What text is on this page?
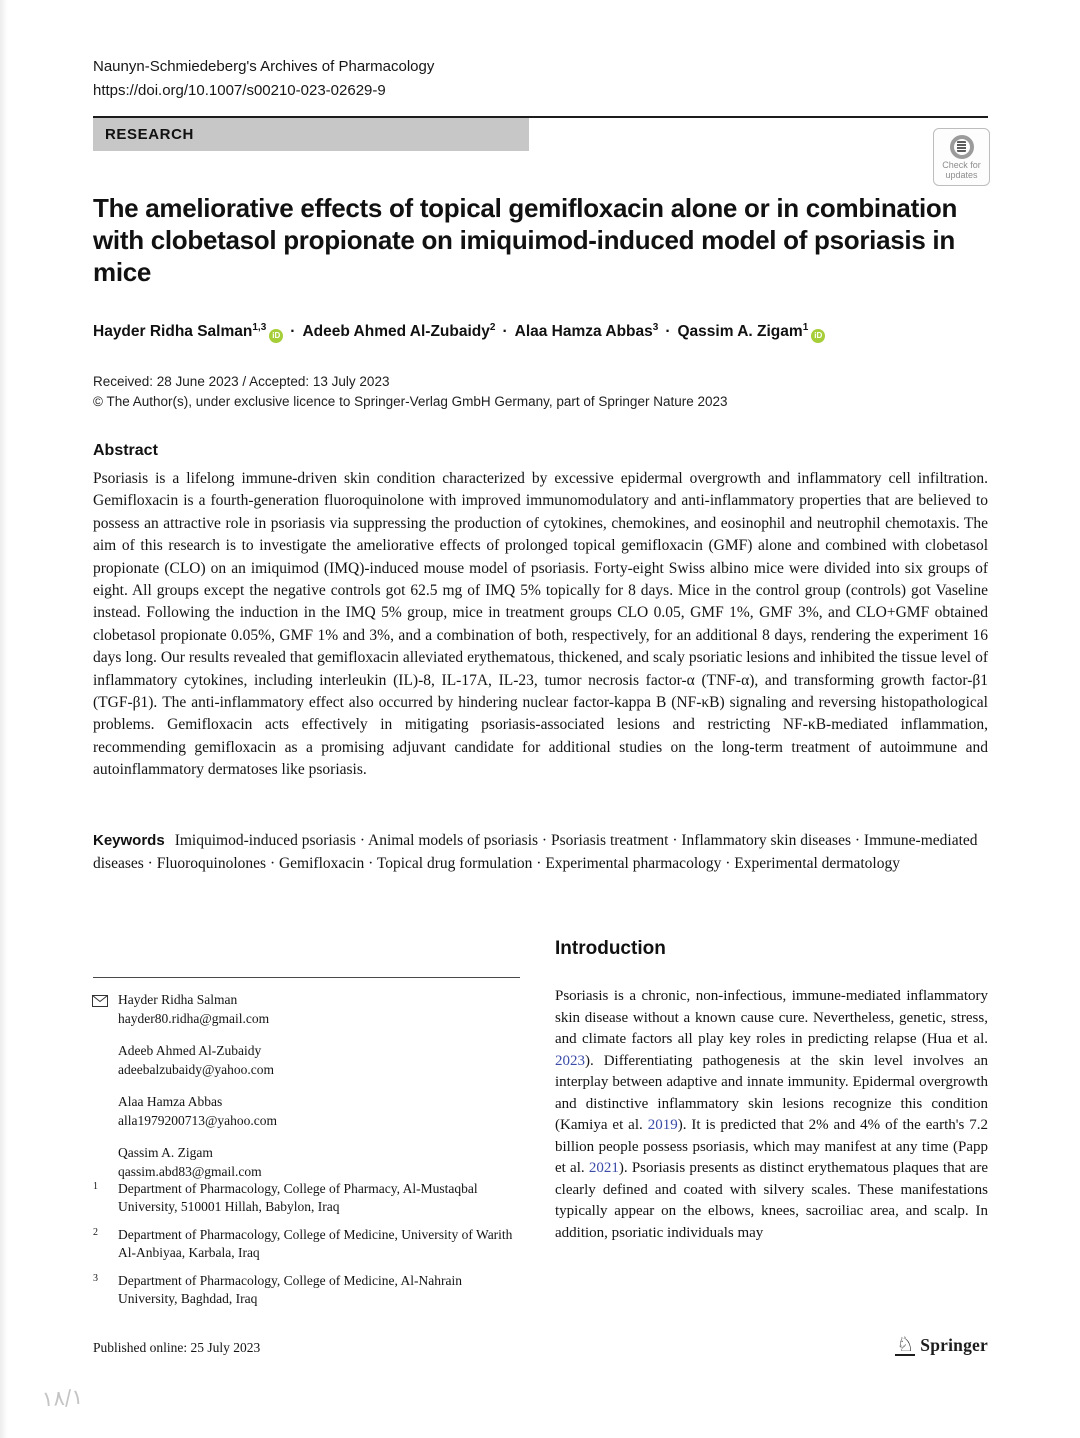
Naunyn-Schmiedeberg's Archives of Pharmacology
https://doi.org/10.1007/s00210-023-02629-9
RESEARCH
Check for
updates
The ameliorative effects of topical gemifloxacin alone or in combination with clobetasol propionate on imiquimod-induced model of psoriasis in mice
Hayder Ridha Salman$^{1,3}$iD · Adeeb Ahmed Al-Zubaidy$^2$ · Alaa Hamza Abbas$^3$ · Qassim A. Zigam$^1$iD
Received: 28 June 2023 / Accepted: 13 July 2023
© The Author(s), under exclusive licence to Springer-Verlag GmbH Germany, part of Springer Nature 2023
Abstract
Psoriasis is a lifelong immune-driven skin condition characterized by excessive epidermal overgrowth and inflammatory cell infiltration. Gemifloxacin is a fourth-generation fluoroquinolone with improved immunomodulatory and anti-inflammatory properties that are believed to possess an attractive role in psoriasis via suppressing the production of cytokines, chemokines, and eosinophil and neutrophil chemotaxis. The aim of this research is to investigate the ameliorative effects of prolonged topical gemifloxacin (GMF) alone and combined with clobetasol propionate (CLO) on an imiquimod (IMQ)-induced mouse model of psoriasis. Forty-eight Swiss albino mice were divided into six groups of eight. All groups except the negative controls got 62.5 mg of IMQ 5% topically for 8 days. Mice in the control group (controls) got Vaseline instead. Following the induction in the IMQ 5% group, mice in treatment groups CLO 0.05, GMF 1%, GMF 3%, and CLO+GMF obtained clobetasol propionate 0.05%, GMF 1% and 3%, and a combination of both, respectively, for an additional 8 days, rendering the experiment 16 days long. Our results revealed that gemifloxacin alleviated erythematous, thickened, and scaly psoriatic lesions and inhibited the tissue level of inflammatory cytokines, including interleukin (IL)-8, IL-17A, IL-23, tumor necrosis factor-α (TNF-α), and transforming growth factor-β1 (TGF-β1). The anti-inflammatory effect also occurred by hindering nuclear factor-kappa B (NF-κB) signaling and reversing histopathological problems. Gemifloxacin acts effectively in mitigating psoriasis-associated lesions and restricting NF-κB-mediated inflammation, recommending gemifloxacin as a promising adjuvant candidate for additional studies on the long-term treatment of autoimmune and autoinflammatory dermatoses like psoriasis.
Keywords Imiquimod-induced psoriasis · Animal models of psoriasis · Psoriasis treatment · Inflammatory skin diseases · Immune-mediated diseases · Fluoroquinolones · Gemifloxacin · Topical drug formulation · Experimental pharmacology · Experimental dermatology
Hayder Ridha Salman
hayder80.ridha@gmail.com
Adeeb Ahmed Al-Zubaidy
adeebalzubaidy@yahoo.com
Alaa Hamza Abbas
alla1979200713@yahoo.com
Qassim A. Zigam
qassim.abd83@gmail.com
1 Department of Pharmacology, College of Pharmacy, Al-Mustaqbal University, 510001 Hillah, Babylon, Iraq
2 Department of Pharmacology, College of Medicine, University of Warith Al-Anbiyaa, Karbala, Iraq
3 Department of Pharmacology, College of Medicine, Al-Nahrain University, Baghdad, Iraq
Introduction
Psoriasis is a chronic, non-infectious, immune-mediated inflammatory skin disease without a known cause cure. Nevertheless, genetic, stress, and climate factors all play key roles in predicting relapse (Hua et al. 2023). Differentiating pathogenesis at the skin level involves an interplay between adaptive and innate immunity. Epidermal overgrowth and distinctive inflammatory skin lesions recognize this condition (Kamiya et al. 2019). It is predicted that 2% and 4% of the earth's 7.2 billion people possess psoriasis, which may manifest at any time (Papp et al. 2021). Psoriasis presents as distinct erythematous plaques that are clearly defined and coated with silvery scales. These manifestations typically appear on the elbows, knees, sacroiliac area, and scalp. In addition, psoriatic individuals may
Published online: 25 July 2023	♘ Springer
١٨/١
